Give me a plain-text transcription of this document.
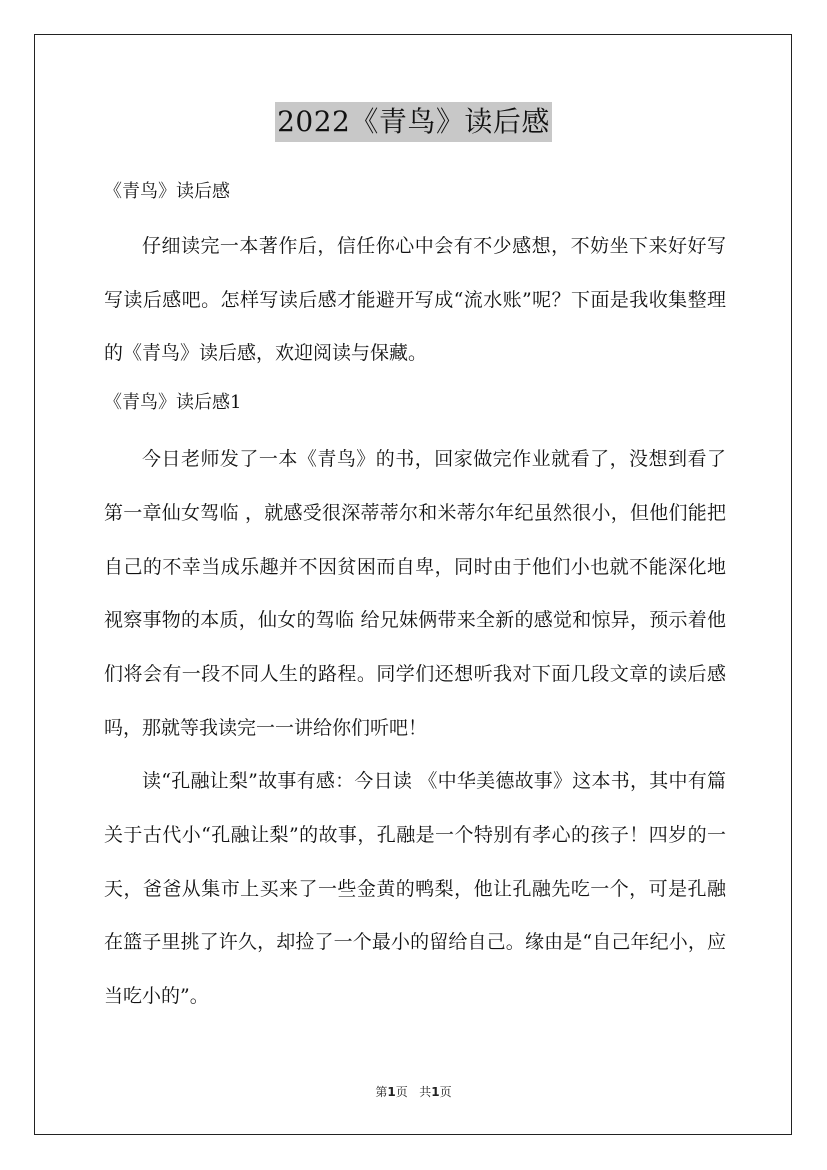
2022《青鸟》读后感
《青鸟》读后感

仔细读完一本著作后，信任你心中会有不少感想，不妨坐下来好好写写读后感吧。怎样写读后感才能避开写成“流水账”呢？下面是我收集整理的《青鸟》读后感，欢迎阅读与保藏。

《青鸟》读后感1

今日老师发了一本《青鸟》的书，回家做完作业就看了，没想到看了第一章仙女驾临 ，就感受很深蒂蒂尔和米蒂尔年纪虽然很小，但他们能把自己的不幸当成乐趣并不因贫困而自卑，同时由于他们小也就不能深化地视察事物的本质，仙女的驾临 给兄妹俩带来全新的感觉和惊异，预示着他们将会有一段不同人生的路程。同学们还想听我对下面几段文章的读后感吗，那就等我读完一一讲给你们听吧！

读“孔融让梨”故事有感：今日读 《中华美德故事》这本书，其中有篇关于古代小“孔融让梨”的故事，孔融是一个特别有孝心的孩子！四岁的一天，爸爸从集市上买来了一些金黄的鸭梨，他让孔融先吃一个，可是孔融在篮子里挑了许久，却捡了一个最小的留给自己。缘由是“自己年纪小，应当吃小的”。

第1页   共1页
